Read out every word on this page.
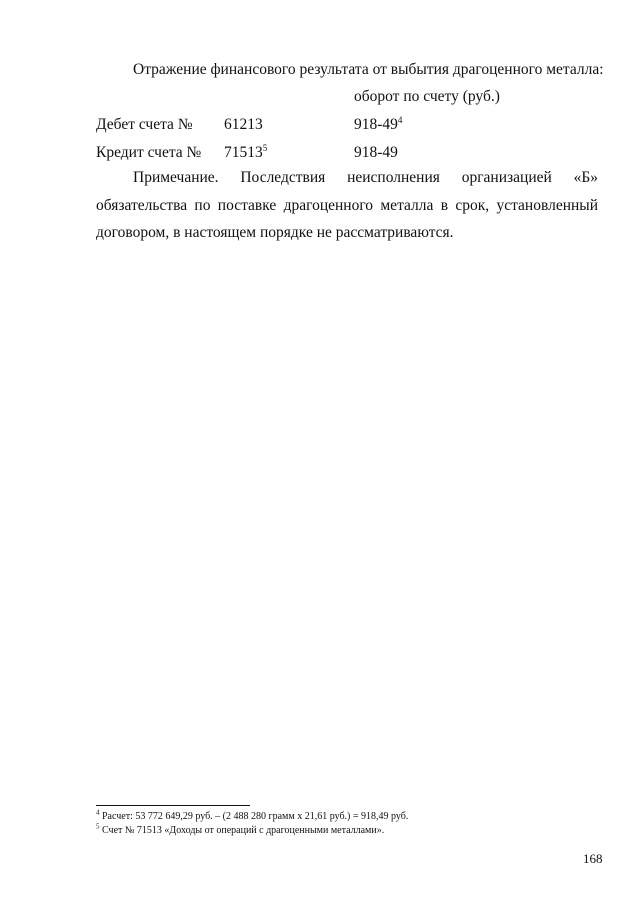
Отражение финансового результата от выбытия драгоценного металла:
оборот по счету (руб.)
Дебет счета № 61213	$918-49^4$
Кредит счета № 71513$^5$	918-49

Примечание. Последствия неисполнения организацией «Б» обязательства по поставке драгоценного металла в срок, установленный договором, в настоящем порядке не рассматриваются.

$^4$ Расчет: 53 772 649,29 руб. – (2 488 280 грамм х 21,61 руб.) = 918,49 руб.
$^5$ Счет № 71513 «Доходы от операций с драгоценными металлами».
168
